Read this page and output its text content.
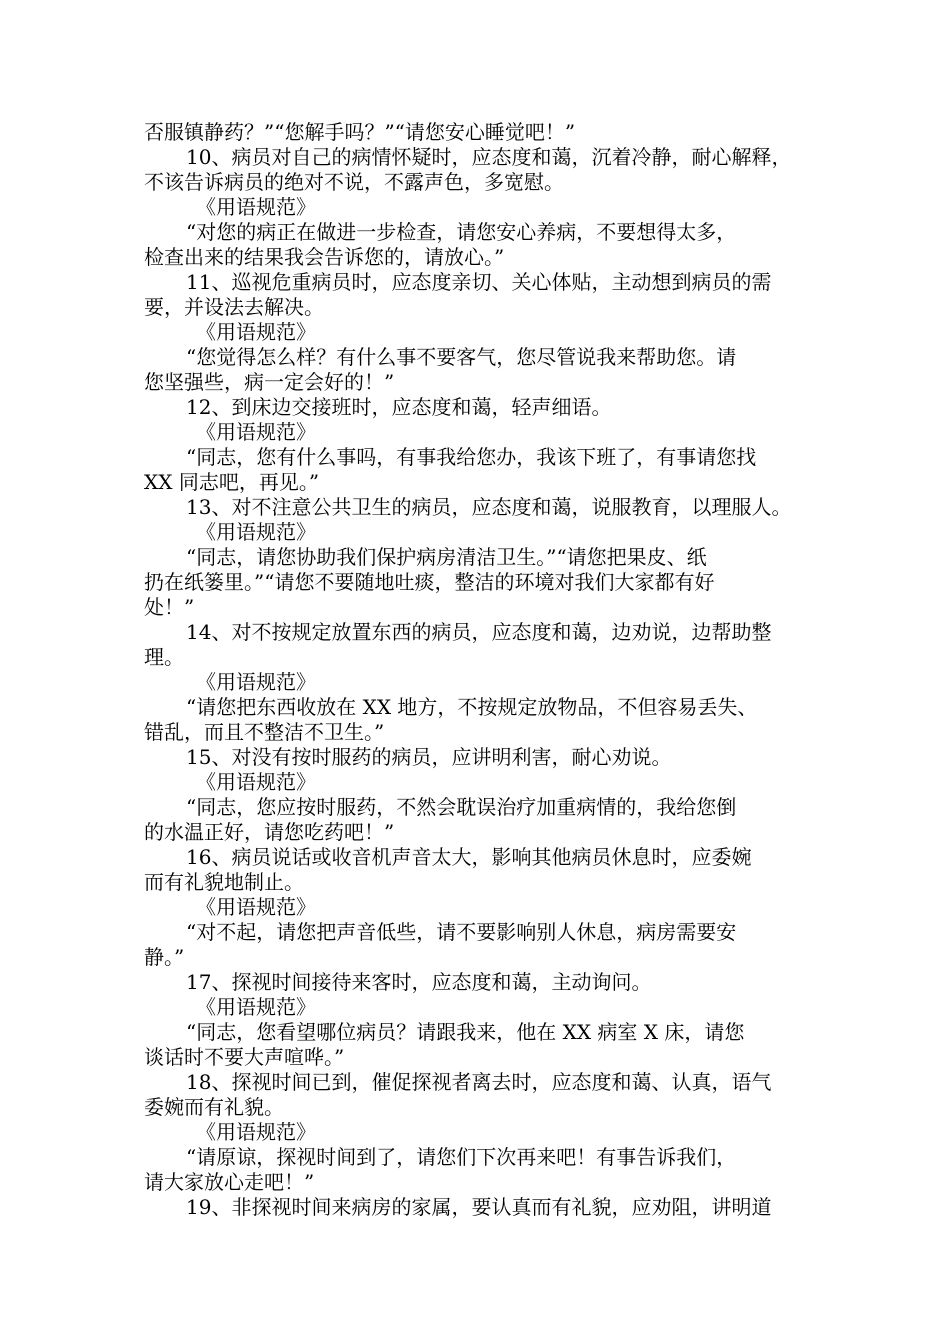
否服镇静药？”“您解手吗？”“请您安心睡觉吧！”
10、病员对自己的病情怀疑时，应态度和蔼，沉着冷静，耐心解释，
不该告诉病员的绝对不说，不露声色，多宽慰。
《用语规范》
“对您的病正在做进一步检查，请您安心养病，不要想得太多，
检查出来的结果我会告诉您的，请放心。”
11、巡视危重病员时，应态度亲切、关心体贴，主动想到病员的需
要，并设法去解决。
《用语规范》
“您觉得怎么样？有什么事不要客气，您尽管说我来帮助您。请
您坚强些，病一定会好的！”
12、到床边交接班时，应态度和蔼，轻声细语。
《用语规范》
“同志，您有什么事吗，有事我给您办，我该下班了，有事请您找
XX 同志吧，再见。”
13、对不注意公共卫生的病员，应态度和蔼，说服教育，以理服人。
《用语规范》
“同志，请您协助我们保护病房清洁卫生。”“请您把果皮、纸
扔在纸篓里。”“请您不要随地吐痰，整洁的环境对我们大家都有好
处！”
14、对不按规定放置东西的病员，应态度和蔼，边劝说，边帮助整
理。
《用语规范》
“请您把东西收放在 XX 地方，不按规定放物品，不但容易丢失、
错乱，而且不整洁不卫生。”
15、对没有按时服药的病员，应讲明利害，耐心劝说。
《用语规范》
“同志，您应按时服药，不然会耽误治疗加重病情的，我给您倒
的水温正好，请您吃药吧！”
16、病员说话或收音机声音太大，影响其他病员休息时，应委婉
而有礼貌地制止。
《用语规范》
“对不起，请您把声音低些，请不要影响别人休息，病房需要安
静。”
17、探视时间接待来客时，应态度和蔼，主动询问。
《用语规范》
“同志，您看望哪位病员？请跟我来，他在 XX 病室 X 床，请您
谈话时不要大声喧哗。”
18、探视时间已到，催促探视者离去时，应态度和蔼、认真，语气
委婉而有礼貌。
《用语规范》
“请原谅，探视时间到了，请您们下次再来吧！有事告诉我们，
请大家放心走吧！”
19、非探视时间来病房的家属，要认真而有礼貌，应劝阻，讲明道
